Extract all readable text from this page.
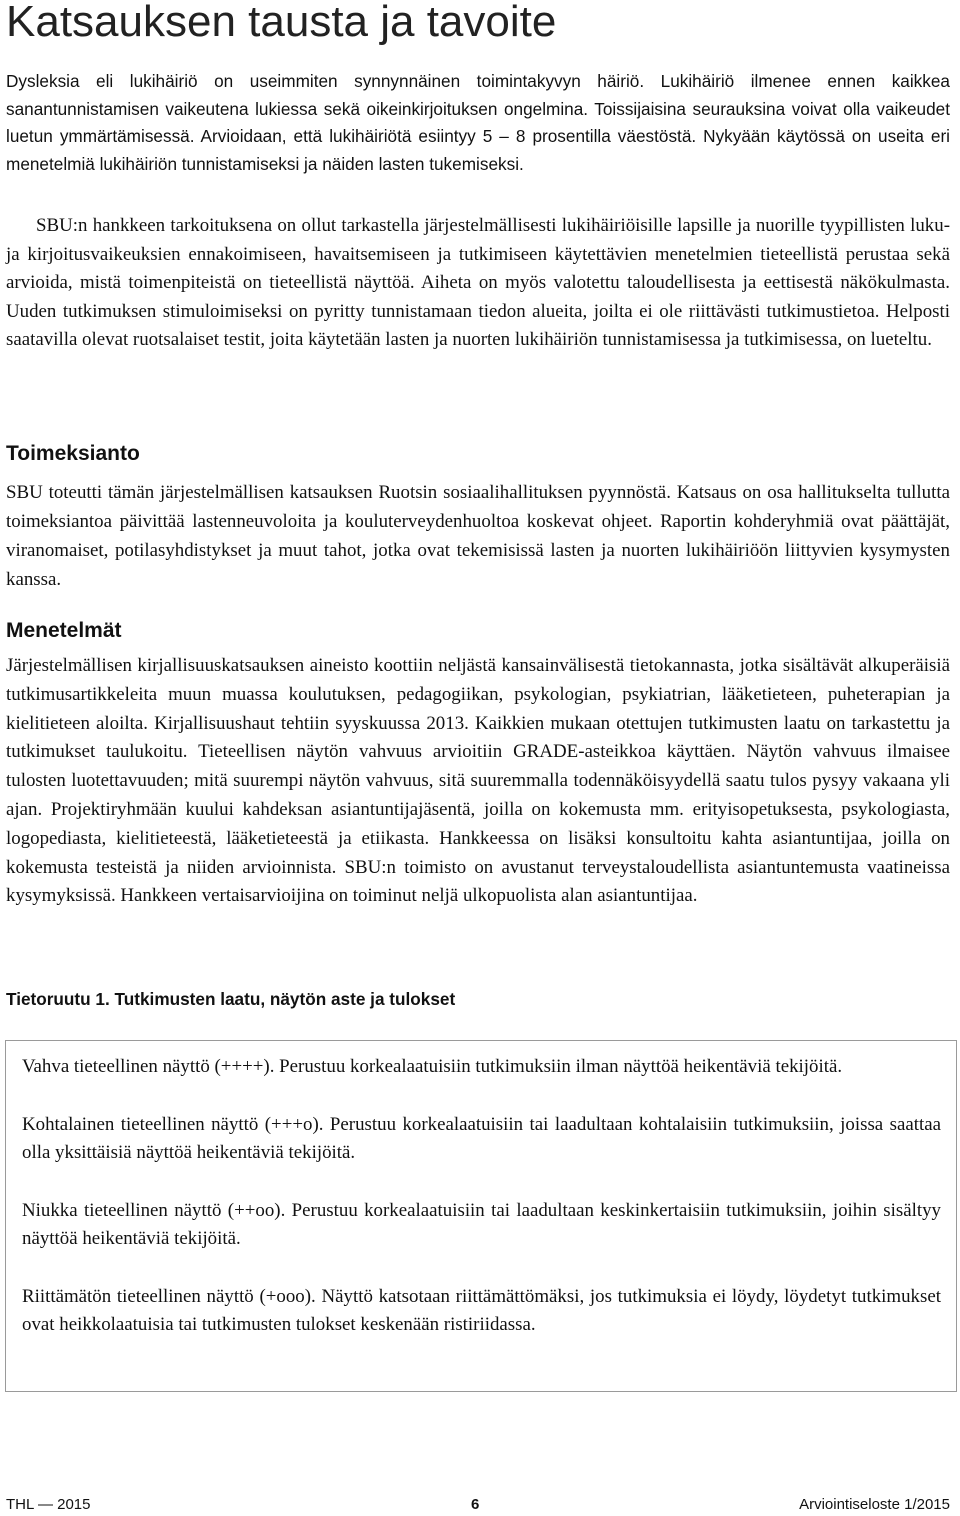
Katsauksen tausta ja tavoite

Dysleksia eli lukihäiriö on useimmiten synnynnäinen toimintakyvyn häiriö. Lukihäiriö ilmenee ennen kaikkea sanantunnistamisen vaikeutena lukiessa sekä oikeinkirjoituksen ongelmina. Toissijaisina seurauksina voivat olla vaikeudet luetun ymmärtämisessä. Arvioidaan, että lukihäiriötä esiintyy 5 – 8 prosentilla väestöstä. Nykyään käytössä on useita eri menetelmiä lukihäiriön tunnistamiseksi ja näiden lasten tukemiseksi.

SBU:n hankkeen tarkoituksena on ollut tarkastella järjestelmällisesti lukihäiriöisille lapsille ja nuorille tyypillisten luku- ja kirjoitusvaikeuksien ennakoimiseen, havaitsemiseen ja tutkimiseen käytettävien menetelmien tieteellistä perustaa sekä arvioida, mistä toimenpiteistä on tieteellistä näyttöä. Aiheta on myös valotettu taloudellisesta ja eettisestä näkökulmasta. Uuden tutkimuksen stimuloimiseksi on pyritty tunnistamaan tiedon alueita, joilta ei ole riittävästi tutkimustietoa. Helposti saatavilla olevat ruotsalaiset testit, joita käytetään lasten ja nuorten lukihäiriön tunnistamisessa ja tutkimisessa, on lueteltu.

Toimeksianto

SBU toteutti tämän järjestelmällisen katsauksen Ruotsin sosiaalihallituksen pyynnöstä. Katsaus on osa hallitukselta tullutta toimeksiantoa päivittää lastenneuvoloita ja kouluterveydenhuoltoa koskevat ohjeet. Raportin kohderyhmiä ovat päättäjät, viranomaiset, potilasyhdistykset ja muut tahot, jotka ovat tekemisissä lasten ja nuorten lukihäiriöön liittyvien kysymysten kanssa.

Menetelmät

Järjestelmällisen kirjallisuuskatsauksen aineisto koottiin neljästä kansainvälisestä tietokannasta, jotka sisältävät alkuperäisiä tutkimusartikkeleita muun muassa koulutuksen, pedagogiikan, psykologian, psykiatrian, lääketieteen, puheterapian ja kielitieteen aloilta. Kirjallisuushaut tehtiin syyskuussa 2013. Kaikkien mukaan otettujen tutkimusten laatu on tarkastettu ja tutkimukset taulukoitu. Tieteellisen näytön vahvuus arvioitiin GRADE-asteikkoa käyttäen. Näytön vahvuus ilmaisee tulosten luotettavuuden; mitä suurempi näytön vahvuus, sitä suuremmalla todennäköisyydellä saatu tulos pysyy vakaana yli ajan. Projektiryhmään kuului kahdeksan asiantuntijajäsentä, joilla on kokemusta mm. erityisopetuksesta, psykologiasta, logopediasta, kielitieteestä, lääketieteestä ja etiikasta. Hankkeessa on lisäksi konsultoitu kahta asiantuntijaa, joilla on kokemusta testeistä ja niiden arvioinnista. SBU:n toimisto on avustanut terveystaloudellista asiantuntemusta vaatineissa kysymyksissä. Hankkeen vertaisarvioijina on toiminut neljä ulkopuolista alan asiantuntijaa.

Tietoruutu 1. Tutkimusten laatu, näytön aste ja tulokset

Vahva tieteellinen näyttö (++++). Perustuu korkealaatuisiin tutkimuksiin ilman näyttöä heikentäviä tekijöitä.

Kohtalainen tieteellinen näyttö (+++o). Perustuu korkealaatuisiin tai laadultaan kohtalaisiin tutkimuksiin, joissa saattaa olla yksittäisiä näyttöä heikentäviä tekijöitä.

Niukka tieteellinen näyttö (++oo). Perustuu korkealaatuisiin tai laadultaan keskinkertaisiin tutkimuksiin, joihin sisältyy näyttöä heikentäviä tekijöitä.

Riittämätön tieteellinen näyttö (+ooo). Näyttö katsotaan riittämättömäksi, jos tutkimuksia ei löydy, löydetyt tutkimukset ovat heikkolaatuisia tai tutkimusten tulokset keskenään ristiriidassa.

THL — 2015	6	Arviointiseloste 1/2015
